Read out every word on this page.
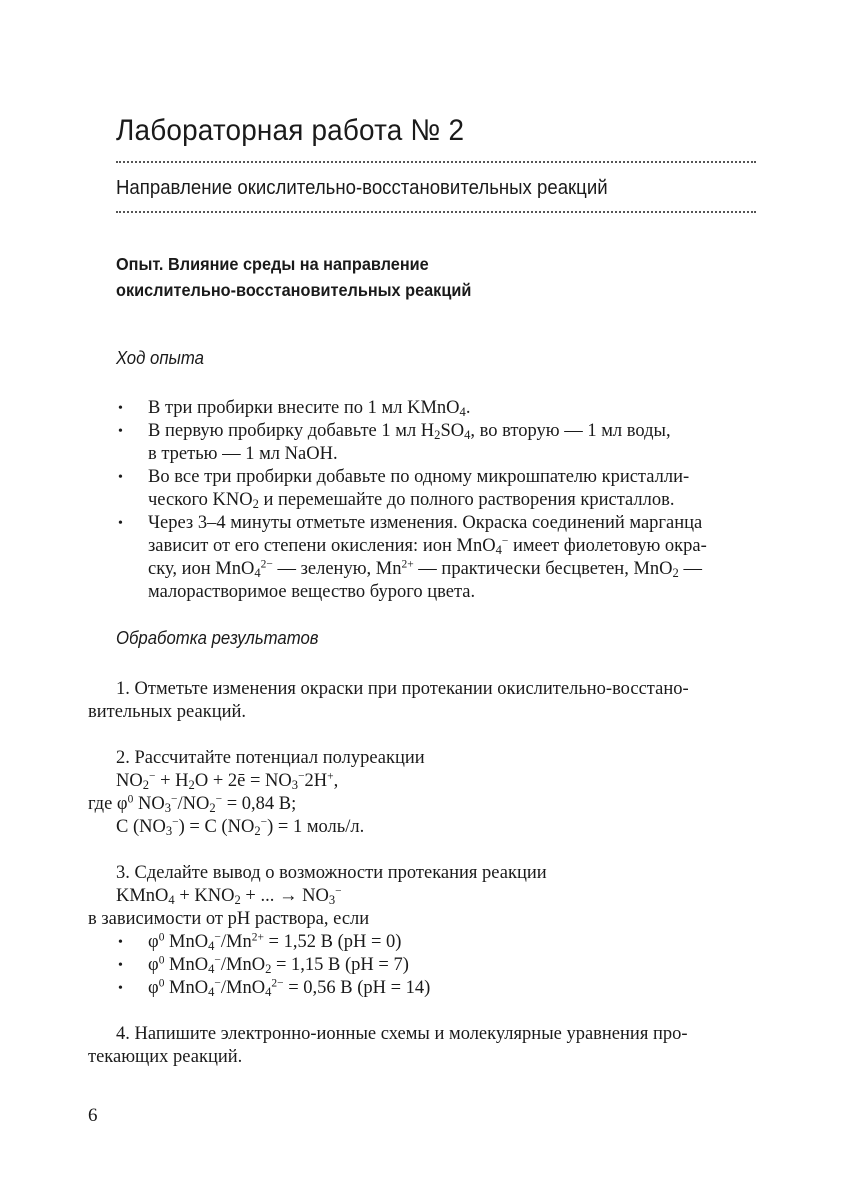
Лабораторная работа № 2
Направление окислительно-восстановительных реакций
Опыт. Влияние среды на направление
окислительно-восстановительных реакций
Ход опыта
• В три пробирки внесите по 1 мл KMnO$_4$.
• В первую пробирку добавьте 1 мл $H_2SO_4$, во вторую — 1 мл воды,
в третью — 1 мл NaOH.
• Во все три пробирки добавьте по одному микрошпателю кристалли-
ческого $KNO_2$ и перемешайте до полного растворения кристаллов.
• Через 3–4 минуты отметьте изменения. Окраска соединений марганца
зависит от его степени окисления: ион MnO$_4$− имеет фиолетовую окра-
ску, ион MnO$_4^{2-}$ — зеленую, $Mn^{2+}$ — практически бесцветен, MnO$_2$ —
малорастворимое вещество бурого цвета.
Обработка результатов
1. Отметьте изменения окраски при протекании окислительно-восстано-
вительных реакций.
2. Рассчитайте потенциал полуреакции
$NO_2^- + H_2O$ + 2ē = $NO_3^-2H^+$,
где $\varphi^0$ $NO_3^-/NO_2^- = 0,84$ В;
C $(NO_3^-) = C$ $(NO_2^-) = 1$ моль/л.
3. Сделайте вывод о возможности протекания реакции
KMnO$_4$ + $KNO_2$ + ... → $NO_3^-$
в зависимости от pH раствора, если
• $\varphi^0$ $MnO_4^-/Mn^{2+} = 1,52$ В (pH = 0)
• $\varphi^0$ MnO$_4$−/MnO$_2$ = 1,15 В (pH = 7)
• $\varphi^0$ MnO$_4$−/MnO$_4^{2-}$ = 0,56 В (pH = 14)
4. Напишите электронно-ионные схемы и молекулярные уравнения про-
текающих реакций.
6
